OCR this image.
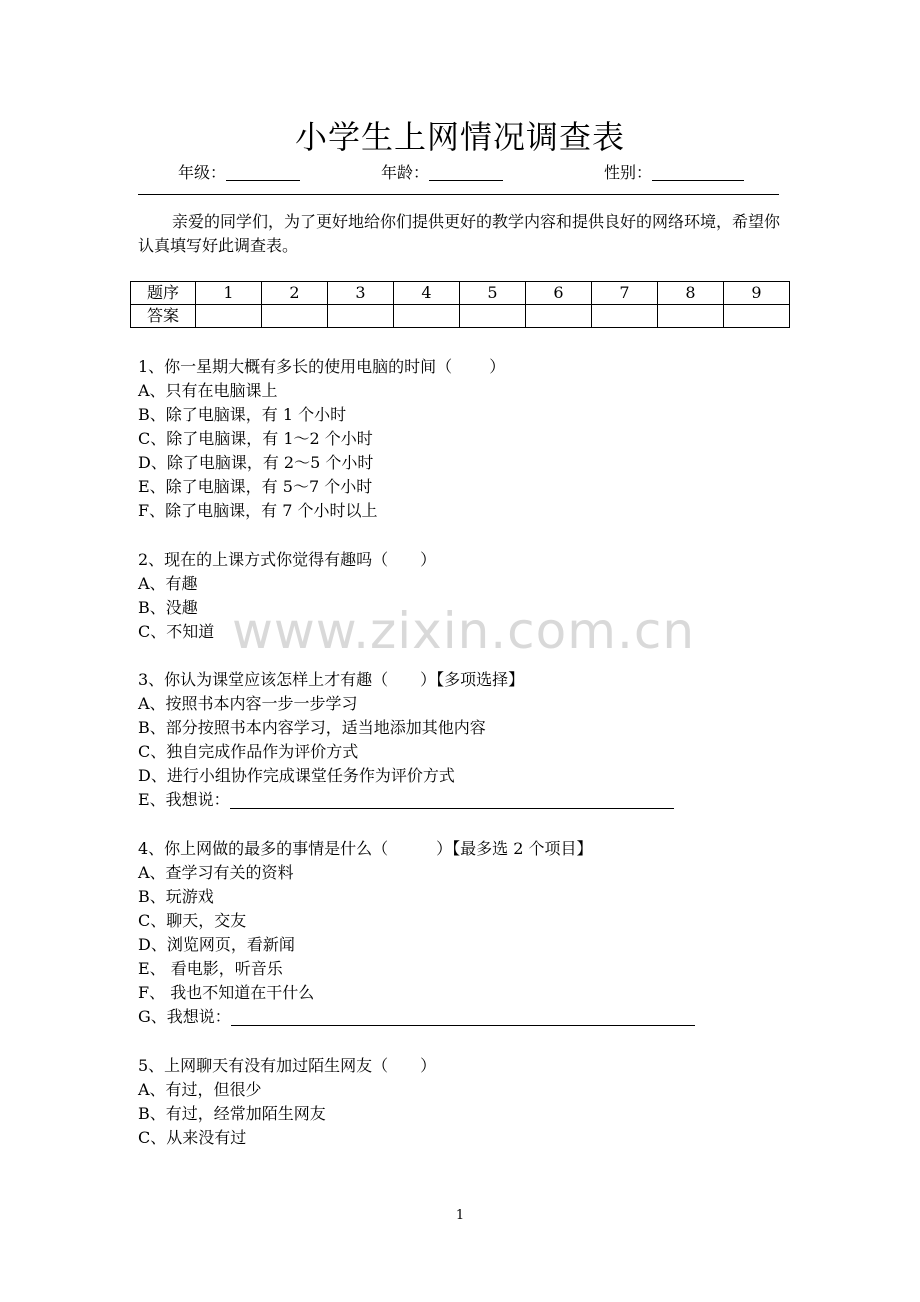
小学生上网情况调查表
年级：	年龄：	性别：
亲爱的同学们，为了更好地给你们提供更好的教学内容和提供良好的网络环境，希望你认真填写好此调查表。
题序	1	2	3	4	5	6	7	8	9
答案									
1、你一星期大概有多长的使用电脑的时间（　　 ）
A、只有在电脑课上
B、除了电脑课，有 1 个小时
C、除了电脑课，有 1～2 个小时
D、除了电脑课，有 2～5 个小时
E、除了电脑课，有 5～7 个小时
F、除了电脑课，有 7 个小时以上
2、现在的上课方式你觉得有趣吗（　　）
A、有趣
B、没趣
C、不知道
3、你认为课堂应该怎样上才有趣（　　）【多项选择】
A、按照书本内容一步一步学习
B、部分按照书本内容学习，适当地添加其他内容
C、独自完成作品作为评价方式
D、进行小组协作完成课堂任务作为评价方式
E、我想说：
4、你上网做的最多的事情是什么（　　　）【最多选 2 个项目】
A、查学习有关的资料
B、玩游戏
C、聊天，交友
D、浏览网页，看新闻
E、 看电影，听音乐
F、 我也不知道在干什么
G、我想说：
5、上网聊天有没有加过陌生网友（　　）
A、有过，但很少
B、有过，经常加陌生网友
C、从来没有过
www.zixin.com.cn
1
